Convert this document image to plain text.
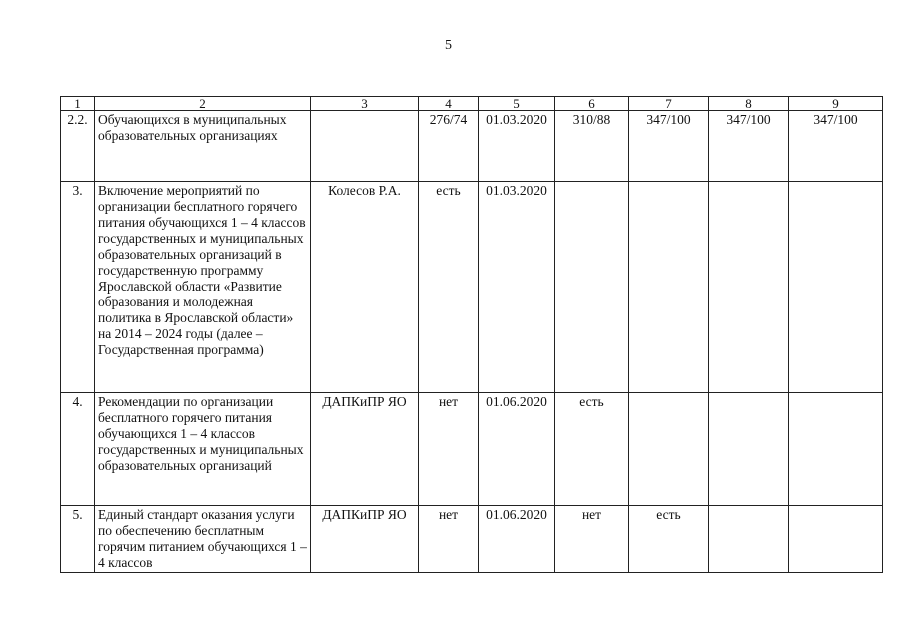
5
1	2	3	4	5	6	7	8	9
2.2.	Обучающихся в муниципальных образовательных организациях		276/74	01.03.2020	310/88	347/100	347/100	347/100
3.	Включение мероприятий по организации бесплатного горячего питания обучающихся 1 – 4 классов государственных и муниципальных образовательных организаций в государственную программу Ярославской области «Развитие образования и молодежная политика в Ярославской области» на 2014 – 2024 годы (далее – Государственная программа)	Колесов Р.А.	есть	01.03.2020				
4.	Рекомендации по организации бесплатного горячего питания обучающихся 1 – 4 классов государственных и муниципальных образовательных организаций	ДАПКиПР ЯО	нет	01.06.2020	есть			
5.	Единый стандарт оказания услуги по обеспечению бесплатным горячим питанием обучающихся 1 – 4 классов	ДАПКиПР ЯО	нет	01.06.2020	нет	есть		
